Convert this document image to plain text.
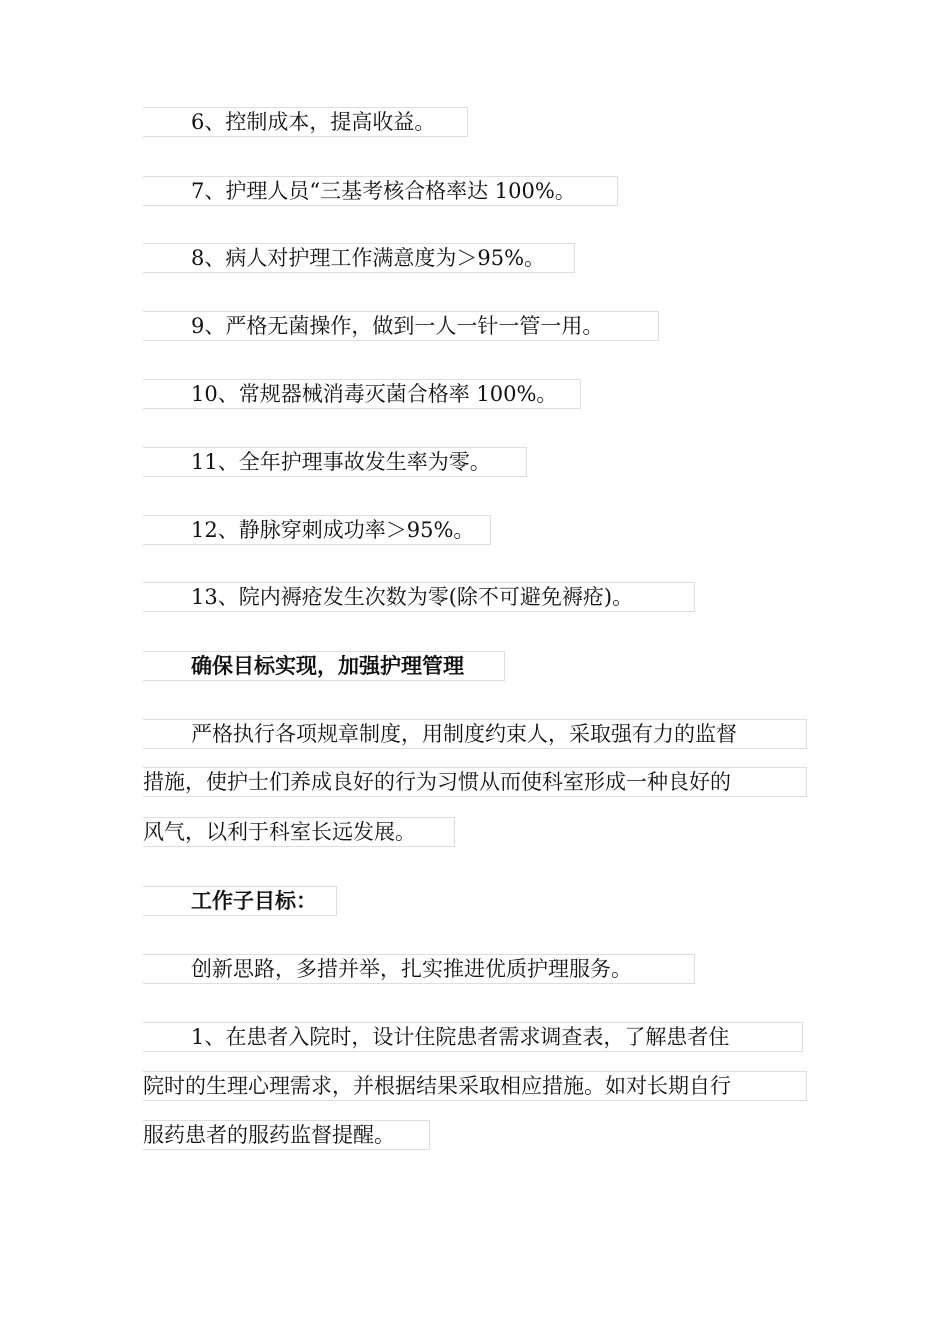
6、控制成本，提高收益。
7、护理人员“三基考核合格率达 100%。
8、病人对护理工作满意度为＞95%。
9、严格无菌操作，做到一人一针一管一用。
10、常规器械消毒灭菌合格率 100%。
11、全年护理事故发生率为零。
12、静脉穿刺成功率＞95%。
13、院内褥疮发生次数为零(除不可避免褥疮)。
确保目标实现，加强护理管理
严格执行各项规章制度，用制度约束人，采取强有力的监督
措施，使护士们养成良好的行为习惯从而使科室形成一种良好的
风气，以利于科室长远发展。
工作子目标：
创新思路，多措并举，扎实推进优质护理服务。
1、在患者入院时，设计住院患者需求调查表，了解患者住
院时的生理心理需求，并根据结果采取相应措施。如对长期自行
服药患者的服药监督提醒。
